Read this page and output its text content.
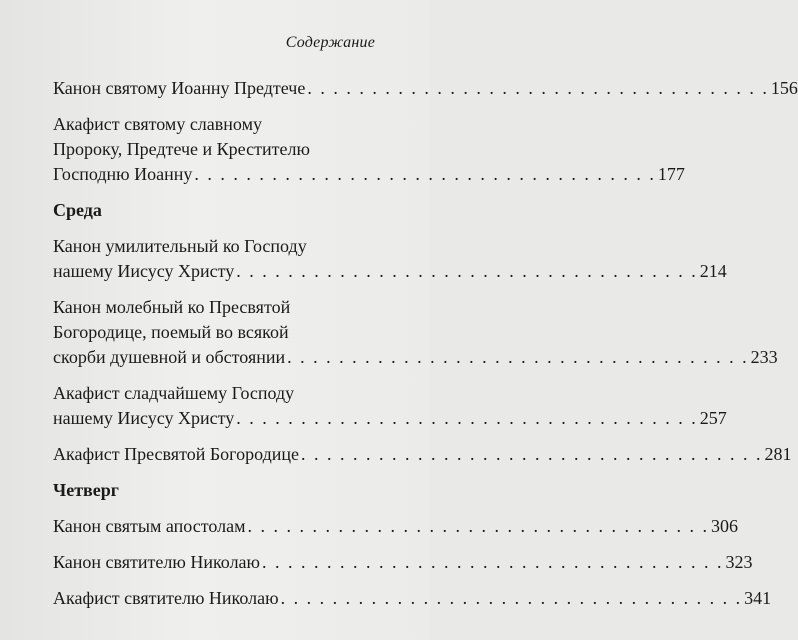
Содержание
Канон святому Иоанну Предтече . . . . . . . . . . . . . . . . . . . . . . . . . . . . . . . . . . . . 156
Акафист святому славному
Пророку, Предтече и Крестителю
Господню Иоанну . . . . . . . . . . . . . . . . . . . . . . . . . . . . . . . . . . . . 177
Среда
Канон умилительный ко Господу
нашему Иисусу Христу . . . . . . . . . . . . . . . . . . . . . . . . . . . . . . . . . . . . 214
Канон молебный ко Пресвятой
Богородице, поемый во всякой
скорби душевной и обстоянии . . . . . . . . . . . . . . . . . . . . . . . . . . . . . . . . . . . . 233
Акафист сладчайшему Господу
нашему Иисусу Христу . . . . . . . . . . . . . . . . . . . . . . . . . . . . . . . . . . . . 257
Акафист Пресвятой Богородице . . . . . . . . . . . . . . . . . . . . . . . . . . . . . . . . . . . . 281
Четверг
Канон святым апостолам . . . . . . . . . . . . . . . . . . . . . . . . . . . . . . . . . . . . 306
Канон святителю Николаю . . . . . . . . . . . . . . . . . . . . . . . . . . . . . . . . . . . . 323
Акафист святителю Николаю . . . . . . . . . . . . . . . . . . . . . . . . . . . . . . . . . . . . 341
